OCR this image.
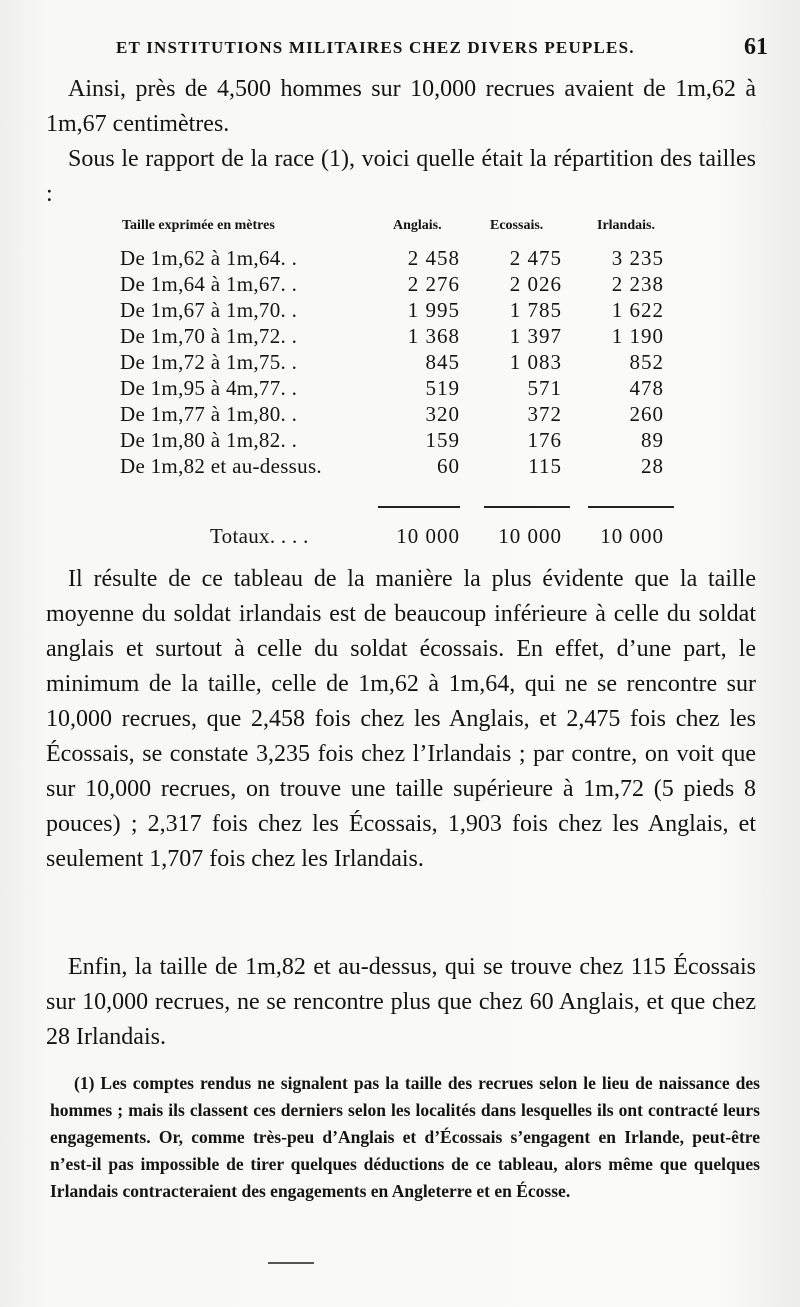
ET INSTITUTIONS MILITAIRES CHEZ DIVERS PEUPLES.	61

Ainsi, près de 4,500 hommes sur 10,000 recrues avaient de 1m,62 à 1m,67 centimètres.

Sous le rapport de la race (1), voici quelle était la répartition des tailles :

Taille exprimée en mètres	Anglais.	Ecossais.	Irlandais.
De 1m,62 à 1m,64. .	2 458	2 475	3 235
De 1m,64 à 1m,67. .	2 276	2 026	2 238
De 1m,67 à 1m,70. .	1 995	1 785	1 622
De 1m,70 à 1m,72. .	1 368	1 397	1 190
De 1m,72 à 1m,75. .	845	1 083	852
De 1m,95 à 4m,77. .	519	571	478
De 1m,77 à 1m,80. .	320	372	260
De 1m,80 à 1m,82. .	159	176	89
De 1m,82 et au-dessus.	60	115	28
Totaux. . . .	10 000	10 000	10 000

Il résulte de ce tableau de la manière la plus évidente que la taille moyenne du soldat irlandais est de beaucoup inférieure à celle du soldat anglais et surtout à celle du soldat écossais. En effet, d’une part, le minimum de la taille, celle de 1m,62 à 1m,64, qui ne se rencontre sur 10,000 recrues, que 2,458 fois chez les Anglais, et 2,475 fois chez les Écossais, se constate 3,235 fois chez l’Irlandais ; par contre, on voit que sur 10,000 recrues, on trouve une taille supérieure à 1m,72 (5 pieds 8 pouces) ; 2,317 fois chez les Écossais, 1,903 fois chez les Anglais, et seulement 1,707 fois chez les Irlandais.

Enfin, la taille de 1m,82 et au-dessus, qui se trouve chez 115 Écossais sur 10,000 recrues, ne se rencontre plus que chez 60 Anglais, et que chez 28 Irlandais.

(1) Les comptes rendus ne signalent pas la taille des recrues selon le lieu de naissance des hommes ; mais ils classent ces derniers selon les localités dans lesquelles ils ont contracté leurs engagements. Or, comme très-peu d’Anglais et d’Écossais s’engagent en Irlande, peut-être n’est-il pas impossible de tirer quelques déductions de ce tableau, alors même que quelques Irlandais contracteraient des engagements en Angleterre et en Écosse.
